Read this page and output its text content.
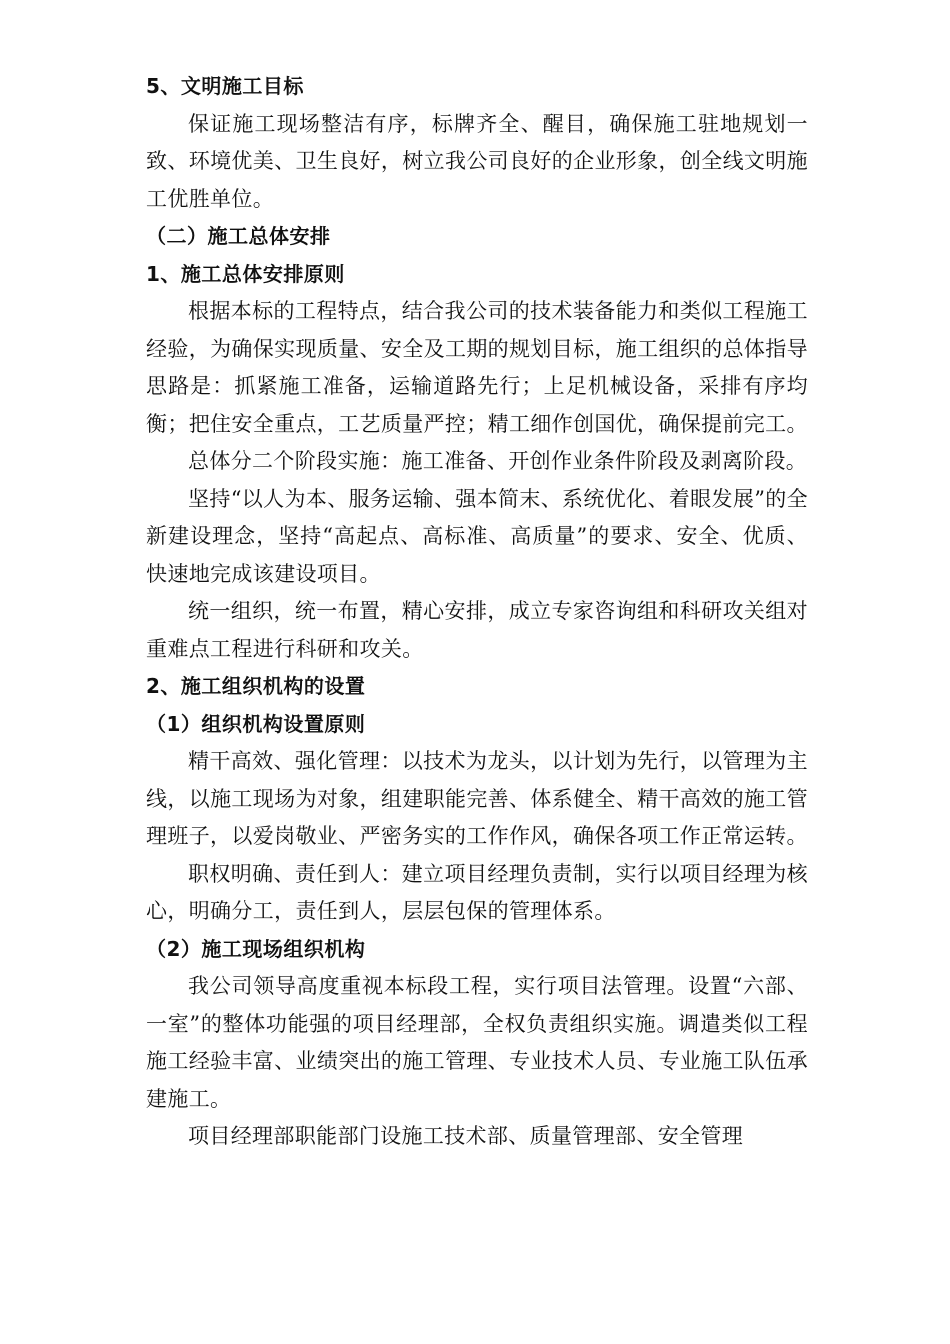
5、文明施工目标

保证施工现场整洁有序，标牌齐全、醒目，确保施工驻地规划一致、环境优美、卫生良好，树立我公司良好的企业形象，创全线文明施工优胜单位。

（二）施工总体安排

1、施工总体安排原则

根据本标的工程特点，结合我公司的技术装备能力和类似工程施工经验，为确保实现质量、安全及工期的规划目标，施工组织的总体指导思路是：抓紧施工准备，运输道路先行；上足机械设备，采排有序均衡；把住安全重点，工艺质量严控；精工细作创国优，确保提前完工。

总体分二个阶段实施：施工准备、开创作业条件阶段及剥离阶段。

坚持“以人为本、服务运输、强本简末、系统优化、着眼发展”的全新建设理念，坚持“高起点、高标准、高质量”的要求、安全、优质、快速地完成该建设项目。

统一组织，统一布置，精心安排，成立专家咨询组和科研攻关组对重难点工程进行科研和攻关。

2、施工组织机构的设置

（1）组织机构设置原则

精干高效、强化管理：以技术为龙头，以计划为先行，以管理为主线，以施工现场为对象，组建职能完善、体系健全、精干高效的施工管理班子，以爱岗敬业、严密务实的工作作风，确保各项工作正常运转。

职权明确、责任到人：建立项目经理负责制，实行以项目经理为核心，明确分工，责任到人，层层包保的管理体系。

（2）施工现场组织机构

我公司领导高度重视本标段工程，实行项目法管理。设置“六部、一室”的整体功能强的项目经理部，全权负责组织实施。调遣类似工程施工经验丰富、业绩突出的施工管理、专业技术人员、专业施工队伍承建施工。

项目经理部职能部门设施工技术部、质量管理部、安全管理
